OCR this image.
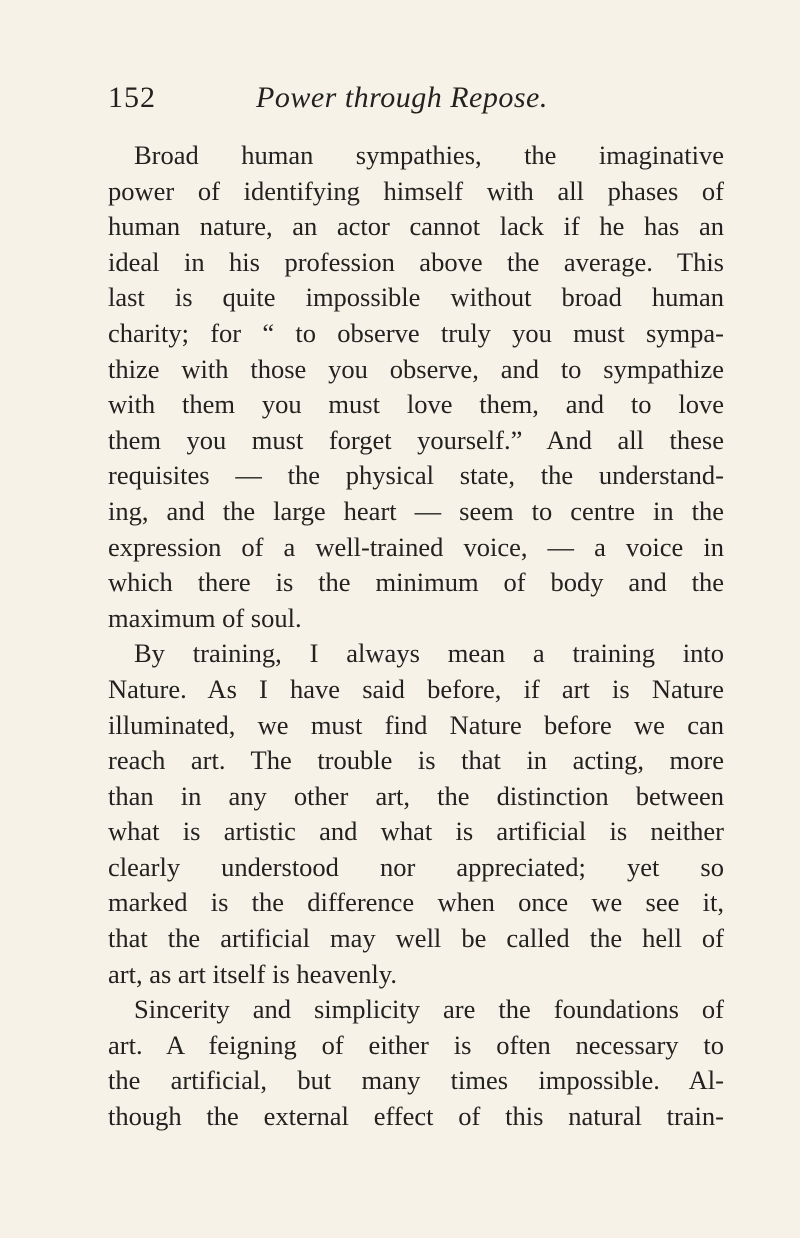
152	Power through Repose.
Broad human sympathies, the imaginative
power of identifying himself with all phases of
human nature, an actor cannot lack if he has an
ideal in his profession above the average. This
last is quite impossible without broad human
charity; for “ to observe truly you must sympa-
thize with those you observe, and to sympathize
with them you must love them, and to love
them you must forget yourself.” And all these
requisites — the physical state, the understand-
ing, and the large heart — seem to centre in the
expression of a well-trained voice, — a voice in
which there is the minimum of body and the
maximum of soul.
By training, I always mean a training into
Nature. As I have said before, if art is Nature
illuminated, we must find Nature before we can
reach art. The trouble is that in acting, more
than in any other art, the distinction between
what is artistic and what is artificial is neither
clearly understood nor appreciated; yet so
marked is the difference when once we see it,
that the artificial may well be called the hell of
art, as art itself is heavenly.
Sincerity and simplicity are the foundations of
art. A feigning of either is often necessary to
the artificial, but many times impossible. Al-
though the external effect of this natural train-
